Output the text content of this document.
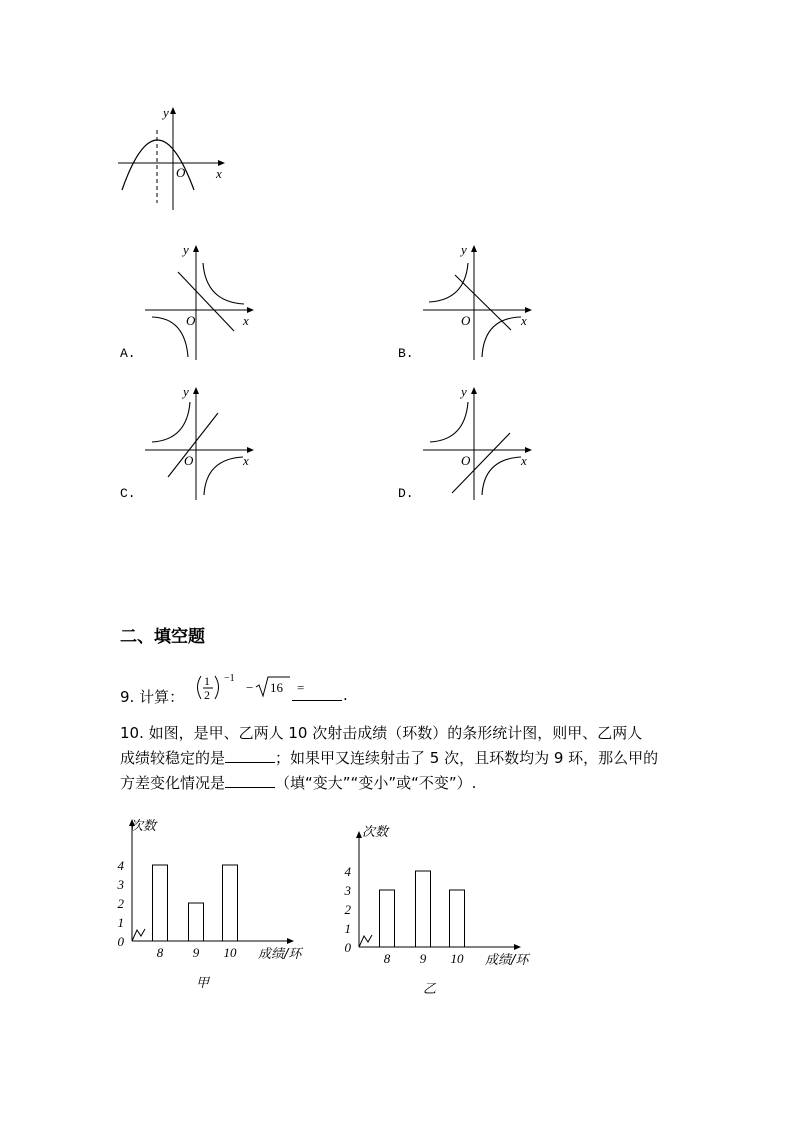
y
x
O
y
x
O
A.
y
x
O
B.
y
x
O
C.
y
x
O
D.
二、填空题
9. 计算：
1
2
−1
− 16 =	.
10. 如图，是甲、乙两人 10 次射击成绩（环数）的条形统计图，则甲、乙两人
成绩较稳定的是	；如果甲又连续射击了 5 次，且环数均为 9 环，那么甲的
方差变化情况是	（填“变大”“变小”或“不变”）.
次数
成绩/环
甲
0
1
2
3
4
8 9 10
次数
成绩/环
乙
0
1
2
3
4
8 9 10
